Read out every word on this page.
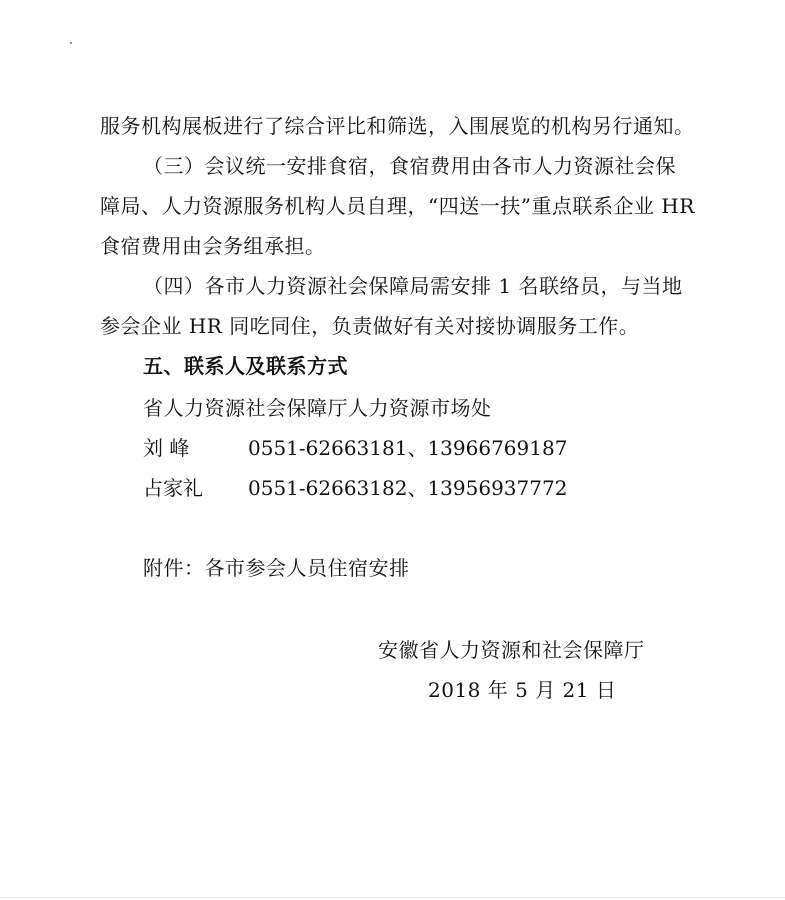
服务机构展板进行了综合评比和筛选，入围展览的机构另行通知。
（三）会议统一安排食宿，食宿费用由各市人力资源社会保
障局、人力资源服务机构人员自理，“四送一扶”重点联系企业 HR
食宿费用由会务组承担。
（四）各市人力资源社会保障局需安排 1 名联络员，与当地
参会企业 HR 同吃同住，负责做好有关对接协调服务工作。
五、联系人及联系方式
省人力资源社会保障厅人力资源市场处
刘 峰	0551-62663181、13966769187
占家礼 0551-62663182、13956937772
附件：各市参会人员住宿安排
安徽省人力资源和社会保障厅
2018 年 5 月 21 日
